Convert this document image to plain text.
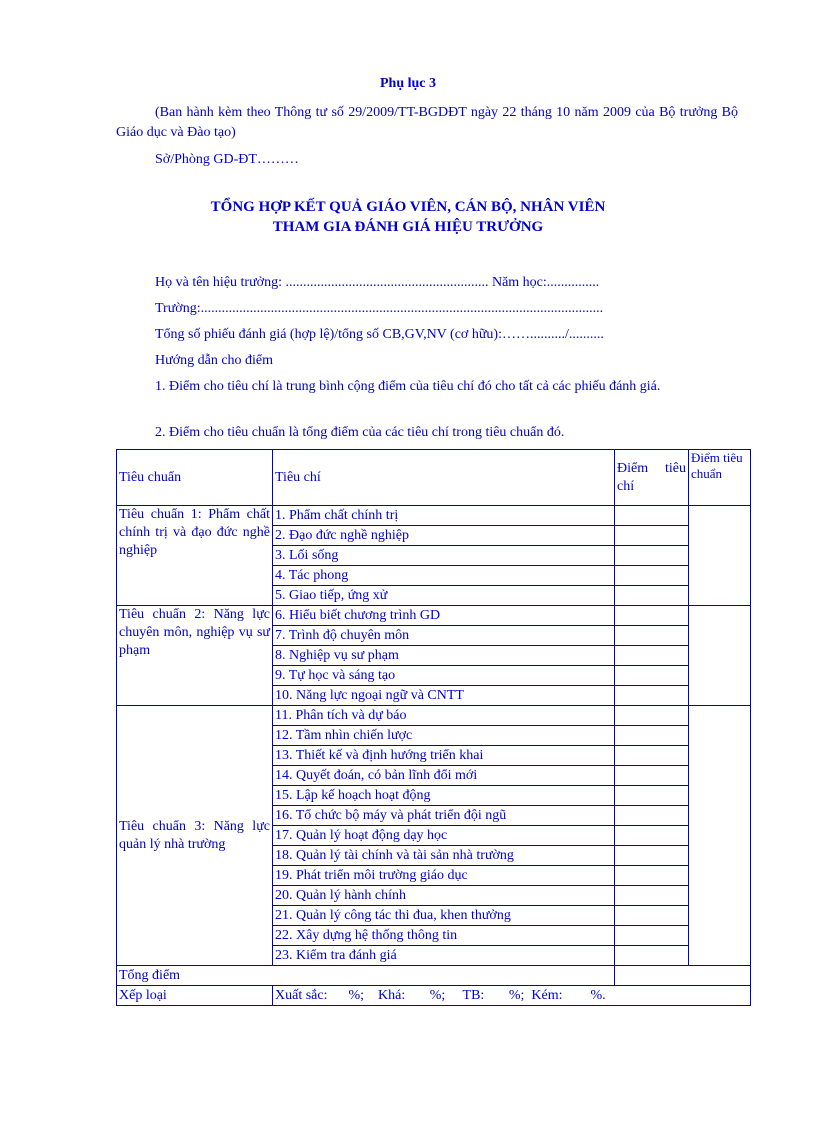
Phụ lục 3
(Ban hành kèm theo Thông tư số 29/2009/TT-BGDĐT ngày 22 tháng 10 năm 2009 của Bộ trưởng Bộ Giáo dục và Đào tạo)
Sở/Phòng GD-ĐT………
TỔNG HỢP KẾT QUẢ GIÁO VIÊN, CÁN BỘ, NHÂN VIÊN
THAM GIA ĐÁNH GIÁ HIỆU TRƯỞNG
Họ và tên hiệu trưởng: .......................................................... Năm học:...............
Trường:...................................................................................................................
Tổng số phiếu đánh giá (hợp lệ)/tổng số CB,GV,NV (cơ hữu):……........../..........
Hướng dẫn cho điểm
1. Điểm cho tiêu chí là trung bình cộng điểm của tiêu chí đó cho tất cả các phiếu đánh giá.
2. Điểm cho tiêu chuẩn là tổng điểm của các tiêu chí trong tiêu chuẩn đó.
Tiêu chuẩn	Tiêu chí	Điểm tiêu chí	Điểm tiêu chuẩn
Tiêu chuẩn 1: Phẩm chất chính trị và đạo đức nghề nghiệp	1. Phẩm chất chính trị		
	2. Đạo đức nghề nghiệp		
	3. Lối sống		
	4. Tác phong		
	5. Giao tiếp, ứng xử		
Tiêu chuẩn 2: Năng lực chuyên môn, nghiệp vụ sư phạm	6. Hiểu biết chương trình GD		
	7. Trình độ chuyên môn		
	8. Nghiệp vụ sư phạm		
	9. Tự học và sáng tạo		
	10. Năng lực ngoại ngữ và CNTT		
Tiêu chuẩn 3: Năng lực quản lý nhà trường	11. Phân tích và dự báo		
	12. Tầm nhìn chiến lược		
	13. Thiết kế và định hướng triển khai		
	14. Quyết đoán, có bản lĩnh đổi mới		
	15. Lập kế hoạch hoạt động		
	16. Tổ chức bộ máy và phát triển đội ngũ		
	17. Quản lý hoạt động dạy học		
	18. Quản lý tài chính và tài sản nhà trường		
	19. Phát triển môi trường giáo dục		
	20. Quản lý hành chính		
	21. Quản lý công tác thi đua, khen thưởng		
	22. Xây dựng hệ thống thông tin		
	23. Kiểm tra đánh giá		
Tổng điểm			
Xếp loại	Xuất sắc:      %;    Khá:       %;     TB:       %;  Kém:        %.		
